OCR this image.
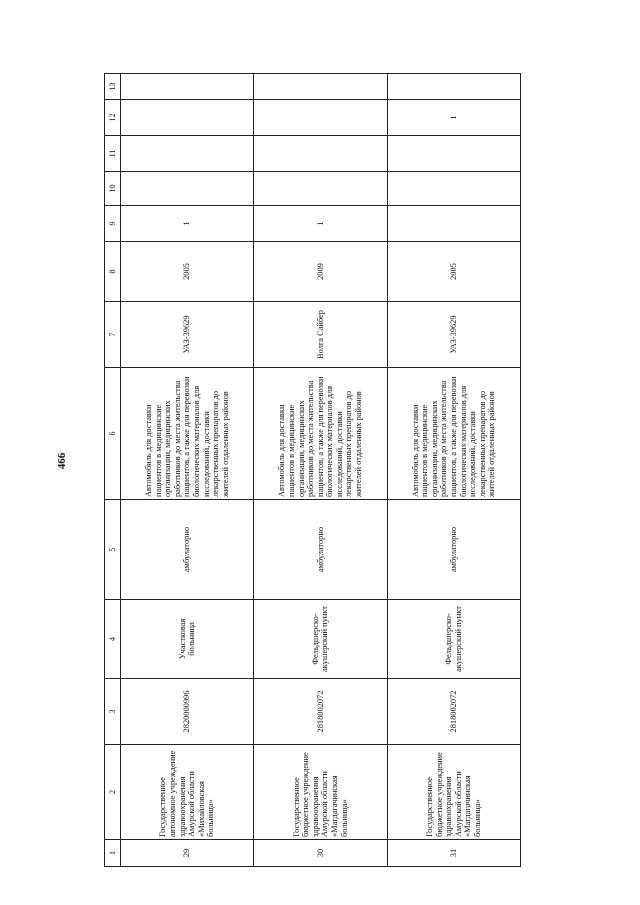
466
1	2	3	4	5	6	7	8	9	10	11	12	13
29	Государственное автономное учреждение здравоохранения Амурской области «Михайловская больница»	2820000996	Участковая больница	амбулаторно	Автомобиль для доставки пациентов в медицинские организации, медицинских работников до места жительства пациентов, а также для перевозки биологических материалов для исследований, доставки лекарственных препаратов до жителей отдаленных районов	УАЗ-39629	2005	1				
30	Государственное бюджетное учреждение здравоохранения Амурской области «Магдагачинская больница»	2818002072	Фельдшерско-акушерский пункт	амбулаторно	Автомобиль для доставки пациентов в медицинские организации, медицинских работников до места жительства пациентов, а также для перевозки биологических материалов для исследований, доставки лекарственных препаратов до жителей отдаленных районов	Волга Сайбер	2009	1				
31	Государственное бюджетное учреждение здравоохранения Амурской области «Магдагачинская больница»	2818002072	Фельдшерско-акушерский пункт	амбулаторно	Автомобиль для доставки пациентов в медицинские организации, медицинских работников до места жительства пациентов, а также для перевозки биологических материалов для исследований, доставки лекарственных препаратов до жителей отдаленных районов	УАЗ-39629	2005				1	
